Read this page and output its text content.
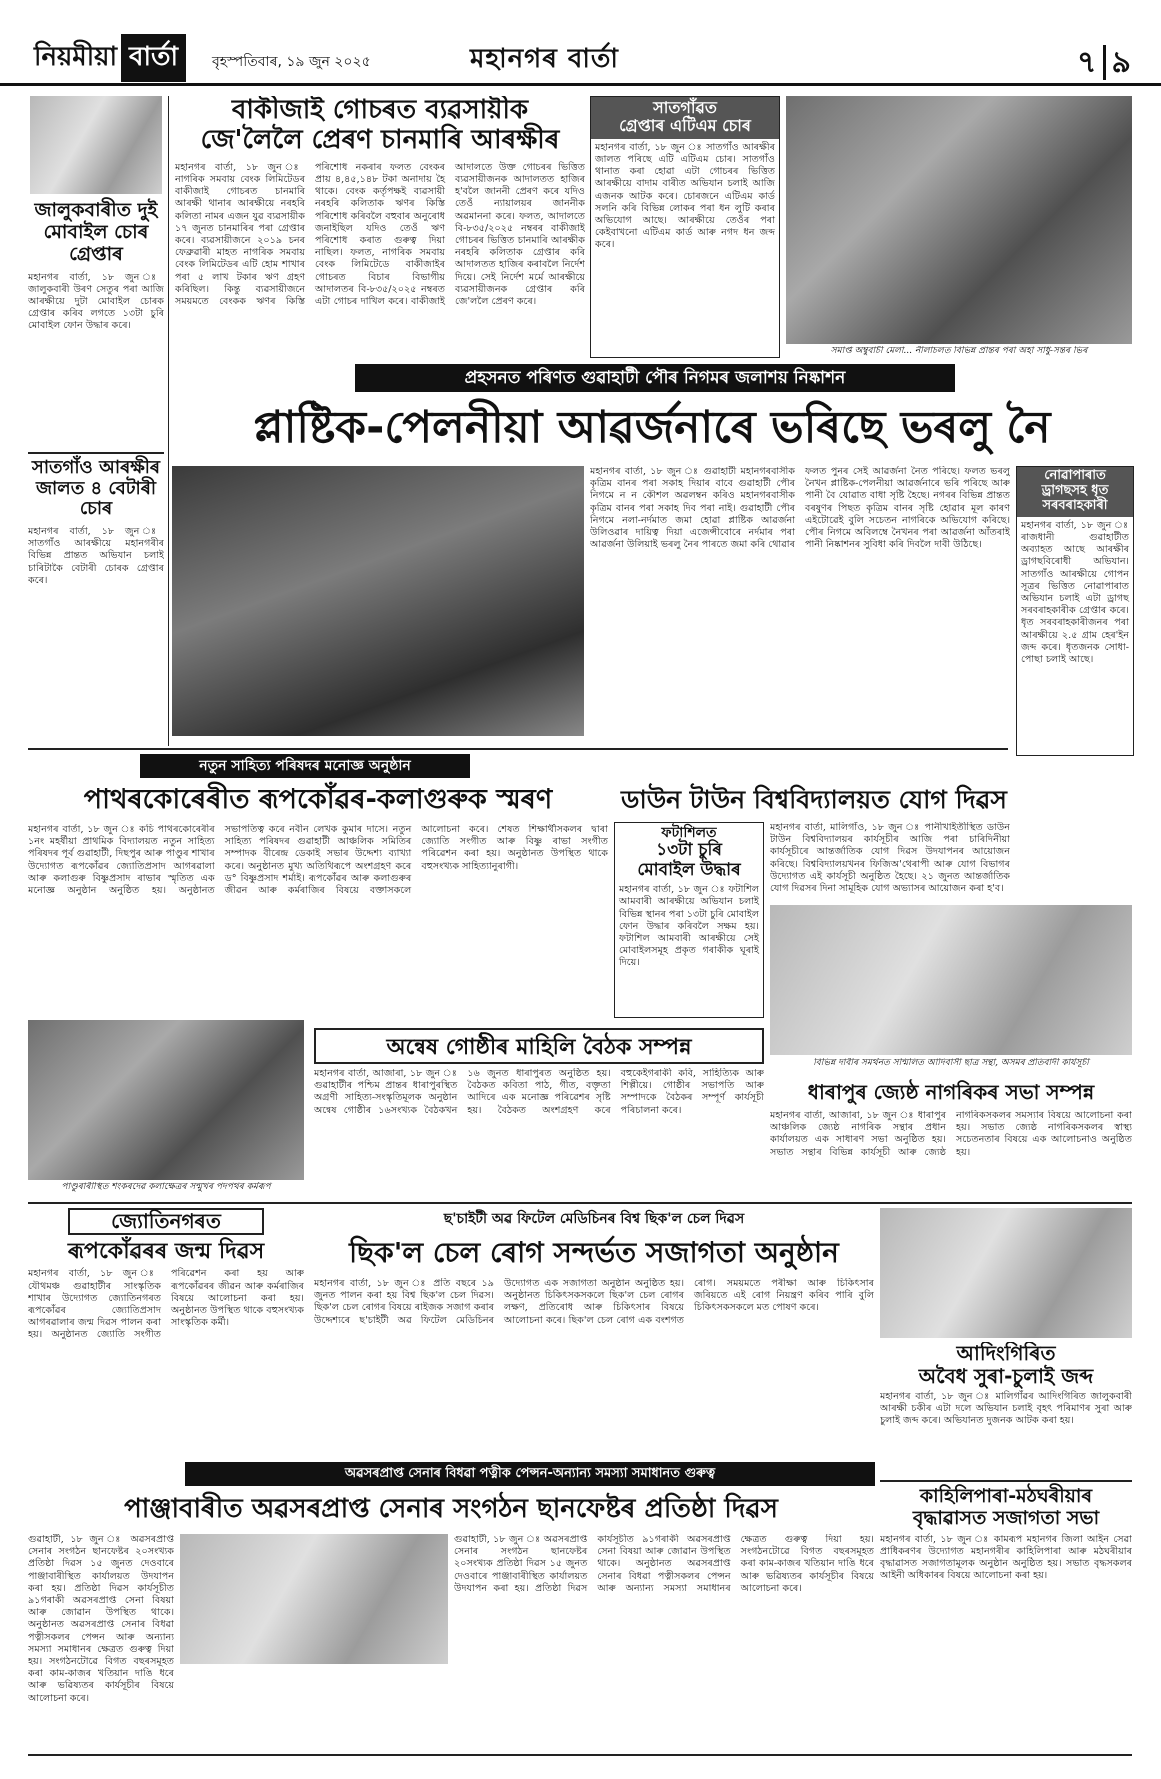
নিয়মীয়া বাৰ্তা	বৃহস্পতিবাৰ, ১৯ জুন ২০২৫	মহানগৰ বাৰ্তা	৭ ৯
জালুকবাৰীত দুই মোবাইল চোৰ গ্ৰেপ্তাৰ
মহানগৰ বাৰ্তা, ১৮ জুন ঃ জালুকবাৰী উৰণ সেতুৰ পৰা আজি আৰক্ষীয়ে দুটা মোবাইল চোৰক গ্ৰেপ্তাৰ কৰিব লগতে ১৩টা চুৰি মোবাইল ফোন উদ্ধাৰ কৰে।
সাতগাঁও আৰক্ষীৰ জালত ৪ বেটাৰী চোৰ
মহানগৰ বাৰ্তা, ১৮ জুন ঃ সাতগাঁও আৰক্ষীয়ে মহানগৰীৰ বিভিন্ন প্ৰান্তত অভিযান চলাই চাৰিটাকৈ বেটাৰী চোৰক গ্ৰেপ্তাৰ কৰে।
বাকীজাই গোচৰত ব্যৱসায়ীক
জে'লৈলৈ প্ৰেৰণ চানমাৰি আৰক্ষীৰ
মহানগৰ বাৰ্তা, ১৮ জুন ঃ নাগৰিক সমবায় বেংক লিমিটেডৰ বাকীজাই গোচৰত চানমাৰি আৰক্ষী থানাৰ আৰক্ষীয়ে নৰহৰি কলিতা নামৰ এজন যুৱ ব্যৱসায়ীক ১৭ জুনত চানমাৰিৰ পৰা গ্ৰেপ্তাৰ কৰে। ব্যৱসায়ীজনে ২০১৯ চনৰ ফেব্ৰুৱাৰী মাহত নাগৰিক সমবায় বেংক লিমিটেডৰ এটি হোম শাখাৰ পৰা ৫ লাখ টকাৰ ঋণ গ্ৰহণ কৰিছিল। কিন্তু ব্যৱসায়ীজনে সময়মতে বেংকক ঋণৰ কিস্তি পৰিশোধ নকৰাৰ ফলত বেংকৰ প্ৰায় ৪,৪৫,১৪৮ টকা অনাদায় হৈ থাকে। বেংক কৰ্তৃপক্ষই ব্যৱসায়ী নৰহৰি কলিতাক ঋণৰ কিস্তি পৰিশোধ কৰিবলৈ বহুবাৰ অনুৰোধ জনাইছিল যদিও তেওঁ ঋণ পৰিশোধ কৰাত গুৰুত্ব দিয়া নাছিল। ফলত, নাগৰিক সমবায় বেংক লিমিটেডে বাকীজাইৰ গোচৰত বিচাৰ বিভাগীয় আদালতৰ বি-৮৩৫/২০২৫ নম্বৰত এটা গোচৰ দাখিল কৰে। বাকীজাই আদালতে উক্ত গোচৰৰ ভিত্তিত ব্যৱসায়ীজনক আদালতত হাজিৰ হ'বলৈ জাননী প্ৰেৰণ কৰে যদিও তেওঁ ন্যায়ালয়ৰ জাননীক অৱমাননা কৰে। ফলত, আদালতে বি-৮৩৫/২০২৫ নম্বৰৰ বাকীজাই গোচৰৰ ভিত্তিত চানমাৰি আৰক্ষীক নৰহৰি কলিতাক গ্ৰেপ্তাৰ কৰি আদালতত হাজিৰ কৰাবলৈ নিৰ্দেশ দিয়ে। সেই নিৰ্দেশ মৰ্মে আৰক্ষীয়ে ব্যৱসায়ীজনক গ্ৰেপ্তাৰ কৰি জে'ললৈ প্ৰেৰণ কৰে।
সাতগাঁৱত
গ্ৰেপ্তাৰ এটিএম চোৰ
মহানগৰ বাৰ্তা, ১৮ জুন ঃ সাতগাঁও আৰক্ষীৰ জালত পৰিছে এটি এটিএম চোৰ। সাতগাঁও থানাত কৰা হোৱা এটা গোচৰৰ ভিত্তিত আৰক্ষীয়ে বাদাম বাৰীত অভিযান চলাই আজি এজনক আটক কৰে। চোৰজনে এটিএম কাৰ্ড সলনি কৰি বিভিন্ন লোকৰ পৰা ধন লুটি কৰাৰ অভিযোগ আছে। আৰক্ষীয়ে তেওঁৰ পৰা কেইবাখনো এটিএম কাৰ্ড আৰু নগদ ধন জব্দ কৰে।
সমাপ্ত অম্বুবাচী মেলা... নীলাচলত বিভিন্ন প্ৰান্তৰ পৰা অহা সাধু-সন্তৰ ভিৰ
প্ৰহসনত পৰিণত গুৱাহাটী পৌৰ নিগমৰ জলাশয় নিষ্কাশন
প্লাষ্টিক-পেলনীয়া আৱৰ্জনাৰে ভৰিছে ভৰলু নৈ
মহানগৰ বাৰ্তা, ১৮ জুন ঃ গুৱাহাটী মহানগৰবাসীক কৃত্ৰিম বানৰ পৰা সকাহ দিয়াৰ বাবে গুৱাহাটী পৌৰ নিগমে ন ন কৌশল অৱলম্বন কৰিও মহানগৰবাসীক কৃত্ৰিম বানৰ পৰা সকাহ দিব পৰা নাই। গুৱাহাটী পৌৰ নিগমে নলা-নৰ্দমাত জমা হোৱা প্লাষ্টিক আৱৰ্জনা উলিওৱাৰ দায়িত্ব দিয়া এজেন্সীবোৰে নৰ্দমাৰ পৰা আৱৰ্জনা উলিয়াই ভৰলু নৈৰ পাৰতে জমা কৰি থোৱাৰ ফলত পুনৰ সেই আৱৰ্জনা নৈত পৰিছে। ফলত ভৰলু নৈখন প্লাষ্টিক-পেলনীয়া আৱৰ্জনাৰে ভৰি পৰিছে আৰু পানী বৈ যোৱাত বাধা সৃষ্টি হৈছে। নগৰৰ বিভিন্ন প্ৰান্তত বৰষুণৰ পিছত কৃত্ৰিম বানৰ সৃষ্টি হোৱাৰ মূল কাৰণ এইটোৱেই বুলি সচেতন নাগৰিকে অভিযোগ কৰিছে। পৌৰ নিগমে অবিলম্বে নৈখনৰ পৰা আৱৰ্জনা আঁতৰাই পানী নিষ্কাশনৰ সুবিধা কৰি দিবলৈ দাবী উঠিছে।
নোৱাপাৰাত
ড্ৰাগছসহ ধৃত সৰবৰাহকাৰী
মহানগৰ বাৰ্তা, ১৮ জুন ঃ ৰাজধানী গুৱাহাটীত অব্যাহত আছে আৰক্ষীৰ ড্ৰাগছবিৰোধী অভিযান। সাতগাঁও আৰক্ষীয়ে গোপন সূত্ৰৰ ভিত্তিত নোৱাপাৰাত অভিযান চলাই এটা ড্ৰাগছ সৰবৰাহকাৰীক গ্ৰেপ্তাৰ কৰে। ধৃত সৰবৰাহকাৰীজনৰ পৰা আৰক্ষীয়ে ২.৫ গ্ৰাম হেৰ'ইন জব্দ কৰে। ধৃতজনক সোধা-পোছা চলাই আছে।
নতুন সাহিত্য পৰিষদৰ মনোজ্ঞ অনুষ্ঠান
পাথৰকোৰেৰীত ৰূপকোঁৱৰ-কলাগুৰুক স্মৰণ
মহানগৰ বাৰ্তা, ১৮ জুন ঃ কচি পাথৰকোৰেৰীৰ ১নং মহৰ্ষীয়া প্ৰাথমিক বিদ্যালয়ত নতুন সাহিত্য পৰিষদৰ পূৰ্ব গুৱাহাটী, দিছপুৰ আৰু পাণ্ডুৰ শাখাৰ উদ্যোগত ৰূপকোঁৱৰ জ্যোতিপ্ৰসাদ আগৰৱালা আৰু কলাগুৰু বিষ্ণুপ্ৰসাদ ৰাভাৰ স্মৃতিত এক মনোজ্ঞ অনুষ্ঠান অনুষ্ঠিত হয়। অনুষ্ঠানত সভাপতিত্ব কৰে নবীন লেখক কুমাৰ দাসে। নতুন সাহিত্য পৰিষদৰ গুৱাহাটী আঞ্চলিক সমিতিৰ সম্পাদক বীৰেন্দ্ৰ ডেকাই সভাৰ উদ্দেশ্য ব্যাখ্যা কৰে। অনুষ্ঠানত মুখ্য অতিথিৰূপে অংশগ্ৰহণ কৰে ড° বিষ্ণুপ্ৰসাদ শৰ্মাই। ৰূপকোঁৱৰ আৰু কলাগুৰুৰ জীৱন আৰু কৰ্মৰাজিৰ বিষয়ে বক্তাসকলে আলোচনা কৰে। শেষত শিক্ষাৰ্থীসকলৰ দ্বাৰা জ্যোতি সংগীত আৰু বিষ্ণু ৰাভা সংগীত পৰিৱেশন কৰা হয়। অনুষ্ঠানত উপস্থিত থাকে বহুসংখ্যক সাহিত্যানুৰাগী।
ডাউন টাউন বিশ্ববিদ্যালয়ত যোগ দিৱস
ফটাশিলত
১৩টা চুৰি
মোবাইল উদ্ধাৰ
মহানগৰ বাৰ্তা, ১৮ জুন ঃ ফটাশিল আমবাৰী আৰক্ষীয়ে অভিযান চলাই বিভিন্ন স্থানৰ পৰা ১৩টা চুৰি মোবাইল ফোন উদ্ধাৰ কৰিবলৈ সক্ষম হয়। ফটাশিল আমবাৰী আৰক্ষীয়ে সেই মোবাইলসমূহ প্ৰকৃত গৰাকীক ঘূৰাই দিয়ে।
মহানগৰ বাৰ্তা, মালিগাঁও, ১৮ জুন ঃ পানীখাইতীস্থিত ডাউন টাউন বিশ্ববিদ্যালয়ৰ কাৰ্যসূচীৰ আজি পৰা চাৰিদিনীয়া কাৰ্যসূচীৰে আন্তৰ্জাতিক যোগ দিৱস উদযাপনৰ আয়োজন কৰিছে। বিশ্ববিদ্যালয়খনৰ ফিজিঅ'থেৰাপী আৰু যোগ বিভাগৰ উদ্যোগত এই কাৰ্যসূচী অনুষ্ঠিত হৈছে। ২১ জুনত আন্তৰ্জাতিক যোগ দিৱসৰ দিনা সামূহিক যোগ অভ্যাসৰ আয়োজন কৰা হ'ব।
বিভিন্ন দাবীৰ সমৰ্থনত সন্মিলিত আদিবাসী ছাত্ৰ সন্থা, অসমৰ প্ৰতিবাদী কাৰ্যসূচী
পাণ্ডুৰাৰীস্থিত শংকৰদেৱ কলাক্ষেত্ৰৰ সন্মুখৰ পদপথৰ কৰ্মৰূপ
অন্বেষ গোষ্ঠীৰ মাহিলি বৈঠক সম্পন্ন
মহানগৰ বাৰ্তা, আজাৰা, ১৮ জুন ঃ গুৱাহাটীৰ পশ্চিম প্ৰান্তৰ ধাৰাপুৰস্থিত অগ্ৰণী সাহিত্য-সংস্কৃতিমূলক অনুষ্ঠান অন্বেষ গোষ্ঠীৰ ১৬সংখ্যক বৈঠকখন ১৬ জুনত ধাৰাপুৰত অনুষ্ঠিত হয়। বৈঠকত কবিতা পাঠ, গীত, বক্তৃতা আদিৰে এক মনোজ্ঞ পৰিৱেশৰ সৃষ্টি হয়। বৈঠকত অংশগ্ৰহণ কৰে বহুকেইগৰাকী কবি, সাহিত্যিক আৰু শিল্পীয়ে। গোষ্ঠীৰ সভাপতি আৰু সম্পাদকে বৈঠকৰ সম্পূৰ্ণ কাৰ্যসূচী পৰিচালনা কৰে।
ধাৰাপুৰ জ্যেষ্ঠ নাগৰিকৰ সভা সম্পন্ন
মহানগৰ বাৰ্তা, আজাৰা, ১৮ জুন ঃ ধাৰাপুৰ আঞ্চলিক জ্যেষ্ঠ নাগৰিক সন্থাৰ প্ৰধান কাৰ্যালয়ত এক সাধাৰণ সভা অনুষ্ঠিত হয়। সভাত সন্থাৰ বিভিন্ন কাৰ্যসূচী আৰু জ্যেষ্ঠ নাগৰিকসকলৰ সমস্যাৰ বিষয়ে আলোচনা কৰা হয়। সভাত জ্যেষ্ঠ নাগৰিকসকলৰ স্বাস্থ্য সচেতনতাৰ বিষয়ে এক আলোচনাও অনুষ্ঠিত হয়।
জ্যোতিনগৰত
ৰূপকোঁৱৰৰ জন্ম দিৱস
মহানগৰ বাৰ্তা, ১৮ জুন ঃ যৌথমঞ্চ গুৱাহাটীৰ সাংস্কৃতিক শাখাৰ উদ্যোগত জ্যোতিনগৰত ৰূপকোঁৱৰ জ্যোতিপ্ৰসাদ আগৰৱালাৰ জন্ম দিৱস পালন কৰা হয়। অনুষ্ঠানত জ্যোতি সংগীত পৰিৱেশন কৰা হয় আৰু ৰূপকোঁৱৰৰ জীৱন আৰু কৰ্মৰাজিৰ বিষয়ে আলোচনা কৰা হয়। অনুষ্ঠানত উপস্থিত থাকে বহুসংখ্যক সাংস্কৃতিক কৰ্মী।
ছ'চাইটী অৱ ফিটেল মেডিচিনৰ বিশ্ব ছিক'ল চেল দিৱস
ছিক'ল চেল ৰোগ সন্দৰ্ভত সজাগতা অনুষ্ঠান
মহানগৰ বাৰ্তা, ১৮ জুন ঃ প্ৰতি বছৰে ১৯ জুনত পালন কৰা হয় বিশ্ব ছিক'ল চেল দিৱস। ছিক'ল চেল ৰোগৰ বিষয়ে ৰাইজক সজাগ কৰাৰ উদ্দেশ্যৰে ছ'চাইটী অৱ ফিটেল মেডিচিনৰ উদ্যোগত এক সজাগতা অনুষ্ঠান অনুষ্ঠিত হয়। অনুষ্ঠানত চিকিৎসকসকলে ছিক'ল চেল ৰোগৰ লক্ষণ, প্ৰতিৰোধ আৰু চিকিৎসাৰ বিষয়ে আলোচনা কৰে। ছিক'ল চেল ৰোগ এক বংশগত ৰোগ। সময়মতে পৰীক্ষা আৰু চিকিৎসাৰ জৰিয়তে এই ৰোগ নিয়ন্ত্ৰণ কৰিব পাৰি বুলি চিকিৎসকসকলে মত পোষণ কৰে।
আদিংগিৰিত
অবৈধ সুৰা-চুলাই জব্দ
মহানগৰ বাৰ্তা, ১৮ জুন ঃ মালিগাঁৱৰ আদিংগিৰিত জালুকবাৰী আৰক্ষী চকীৰ এটা দলে অভিযান চলাই বৃহৎ পৰিমাণৰ সুৰা আৰু চুলাই জব্দ কৰে। অভিযানত দুজনক আটক কৰা হয়।
অৱসৰপ্ৰাপ্ত সেনাৰ বিধৱা পত্নীক পেন্সন-অন্যান্য সমস্যা সমাধানত গুৰুত্ব
পাঞ্জাবাৰীত অৱসৰপ্ৰাপ্ত সেনাৰ সংগঠন ছানফেষ্টৰ প্ৰতিষ্ঠা দিৱস
গুৱাহাটী, ১৮ জুন ঃ অৱসৰপ্ৰাপ্ত সেনাৰ সংগঠন ছানফেষ্টৰ ২০সংখ্যক প্ৰতিষ্ঠা দিৱস ১৫ জুনত দেওবাৰে পাঞ্জাবাৰীস্থিত কাৰ্যালয়ত উদযাপন কৰা হয়। প্ৰতিষ্ঠা দিৱস কাৰ্যসূচীত ৯১গৰাকী অৱসৰপ্ৰাপ্ত সেনা বিষয়া আৰু জোৱান উপস্থিত থাকে। অনুষ্ঠানত অৱসৰপ্ৰাপ্ত সেনাৰ বিধৱা পত্নীসকলৰ পেন্সন আৰু অন্যান্য সমস্যা সমাধানৰ ক্ষেত্ৰত গুৰুত্ব দিয়া হয়। সংগঠনটোৱে বিগত বছৰসমূহত কৰা কাম-কাজৰ খতিয়ান দাঙি ধৰে আৰু ভৱিষ্যতৰ কাৰ্যসূচীৰ বিষয়ে আলোচনা কৰে।
গুৱাহাটী, ১৮ জুন ঃ অৱসৰপ্ৰাপ্ত সেনাৰ সংগঠন ছানফেষ্টৰ ২০সংখ্যক প্ৰতিষ্ঠা দিৱস ১৫ জুনত দেওবাৰে পাঞ্জাবাৰীস্থিত কাৰ্যালয়ত উদযাপন কৰা হয়। প্ৰতিষ্ঠা দিৱস কাৰ্যসূচীত ৯১গৰাকী অৱসৰপ্ৰাপ্ত সেনা বিষয়া আৰু জোৱান উপস্থিত থাকে। অনুষ্ঠানত অৱসৰপ্ৰাপ্ত সেনাৰ বিধৱা পত্নীসকলৰ পেন্সন আৰু অন্যান্য সমস্যা সমাধানৰ ক্ষেত্ৰত গুৰুত্ব দিয়া হয়। সংগঠনটোৱে বিগত বছৰসমূহত কৰা কাম-কাজৰ খতিয়ান দাঙি ধৰে আৰু ভৱিষ্যতৰ কাৰ্যসূচীৰ বিষয়ে আলোচনা কৰে।
কাহিলিপাৰা-মঠঘৰীয়াৰ
বৃদ্ধাৱাসত সজাগতা সভা
মহানগৰ বাৰ্তা, ১৮ জুন ঃ কামৰূপ মহানগৰ জিলা আইন সেৱা প্ৰাধিকৰণৰ উদ্যোগত মহানগৰীৰ কাহিলিপাৰা আৰু মঠঘৰীয়াৰ বৃদ্ধাৱাসত সজাগতামূলক অনুষ্ঠান অনুষ্ঠিত হয়। সভাত বৃদ্ধসকলৰ আইনী অধিকাৰৰ বিষয়ে আলোচনা কৰা হয়।
